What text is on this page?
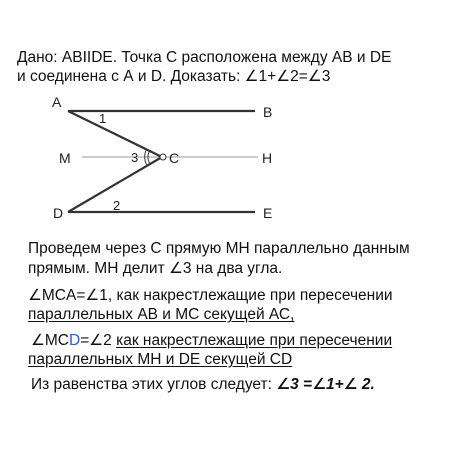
Дано: ABIIDE. Точка С расположена между АВ и DE
и соединена с А и D. Доказать: ∠1+∠2=∠3
A
B
M	C	H
D	E
1
2
3
Проведем через С прямую МН параллельно данным
прямым. МН делит ∠3 на два угла.
∠MCA=∠1, как накрестлежащие при пересечении
параллельных АВ и МС секущей АС,
∠MCD=∠2 как накрестлежащие при пересечении
параллельных МН и DE секущей CD
Из равенства этих углов следует: ∠3 =∠1+∠ 2.
